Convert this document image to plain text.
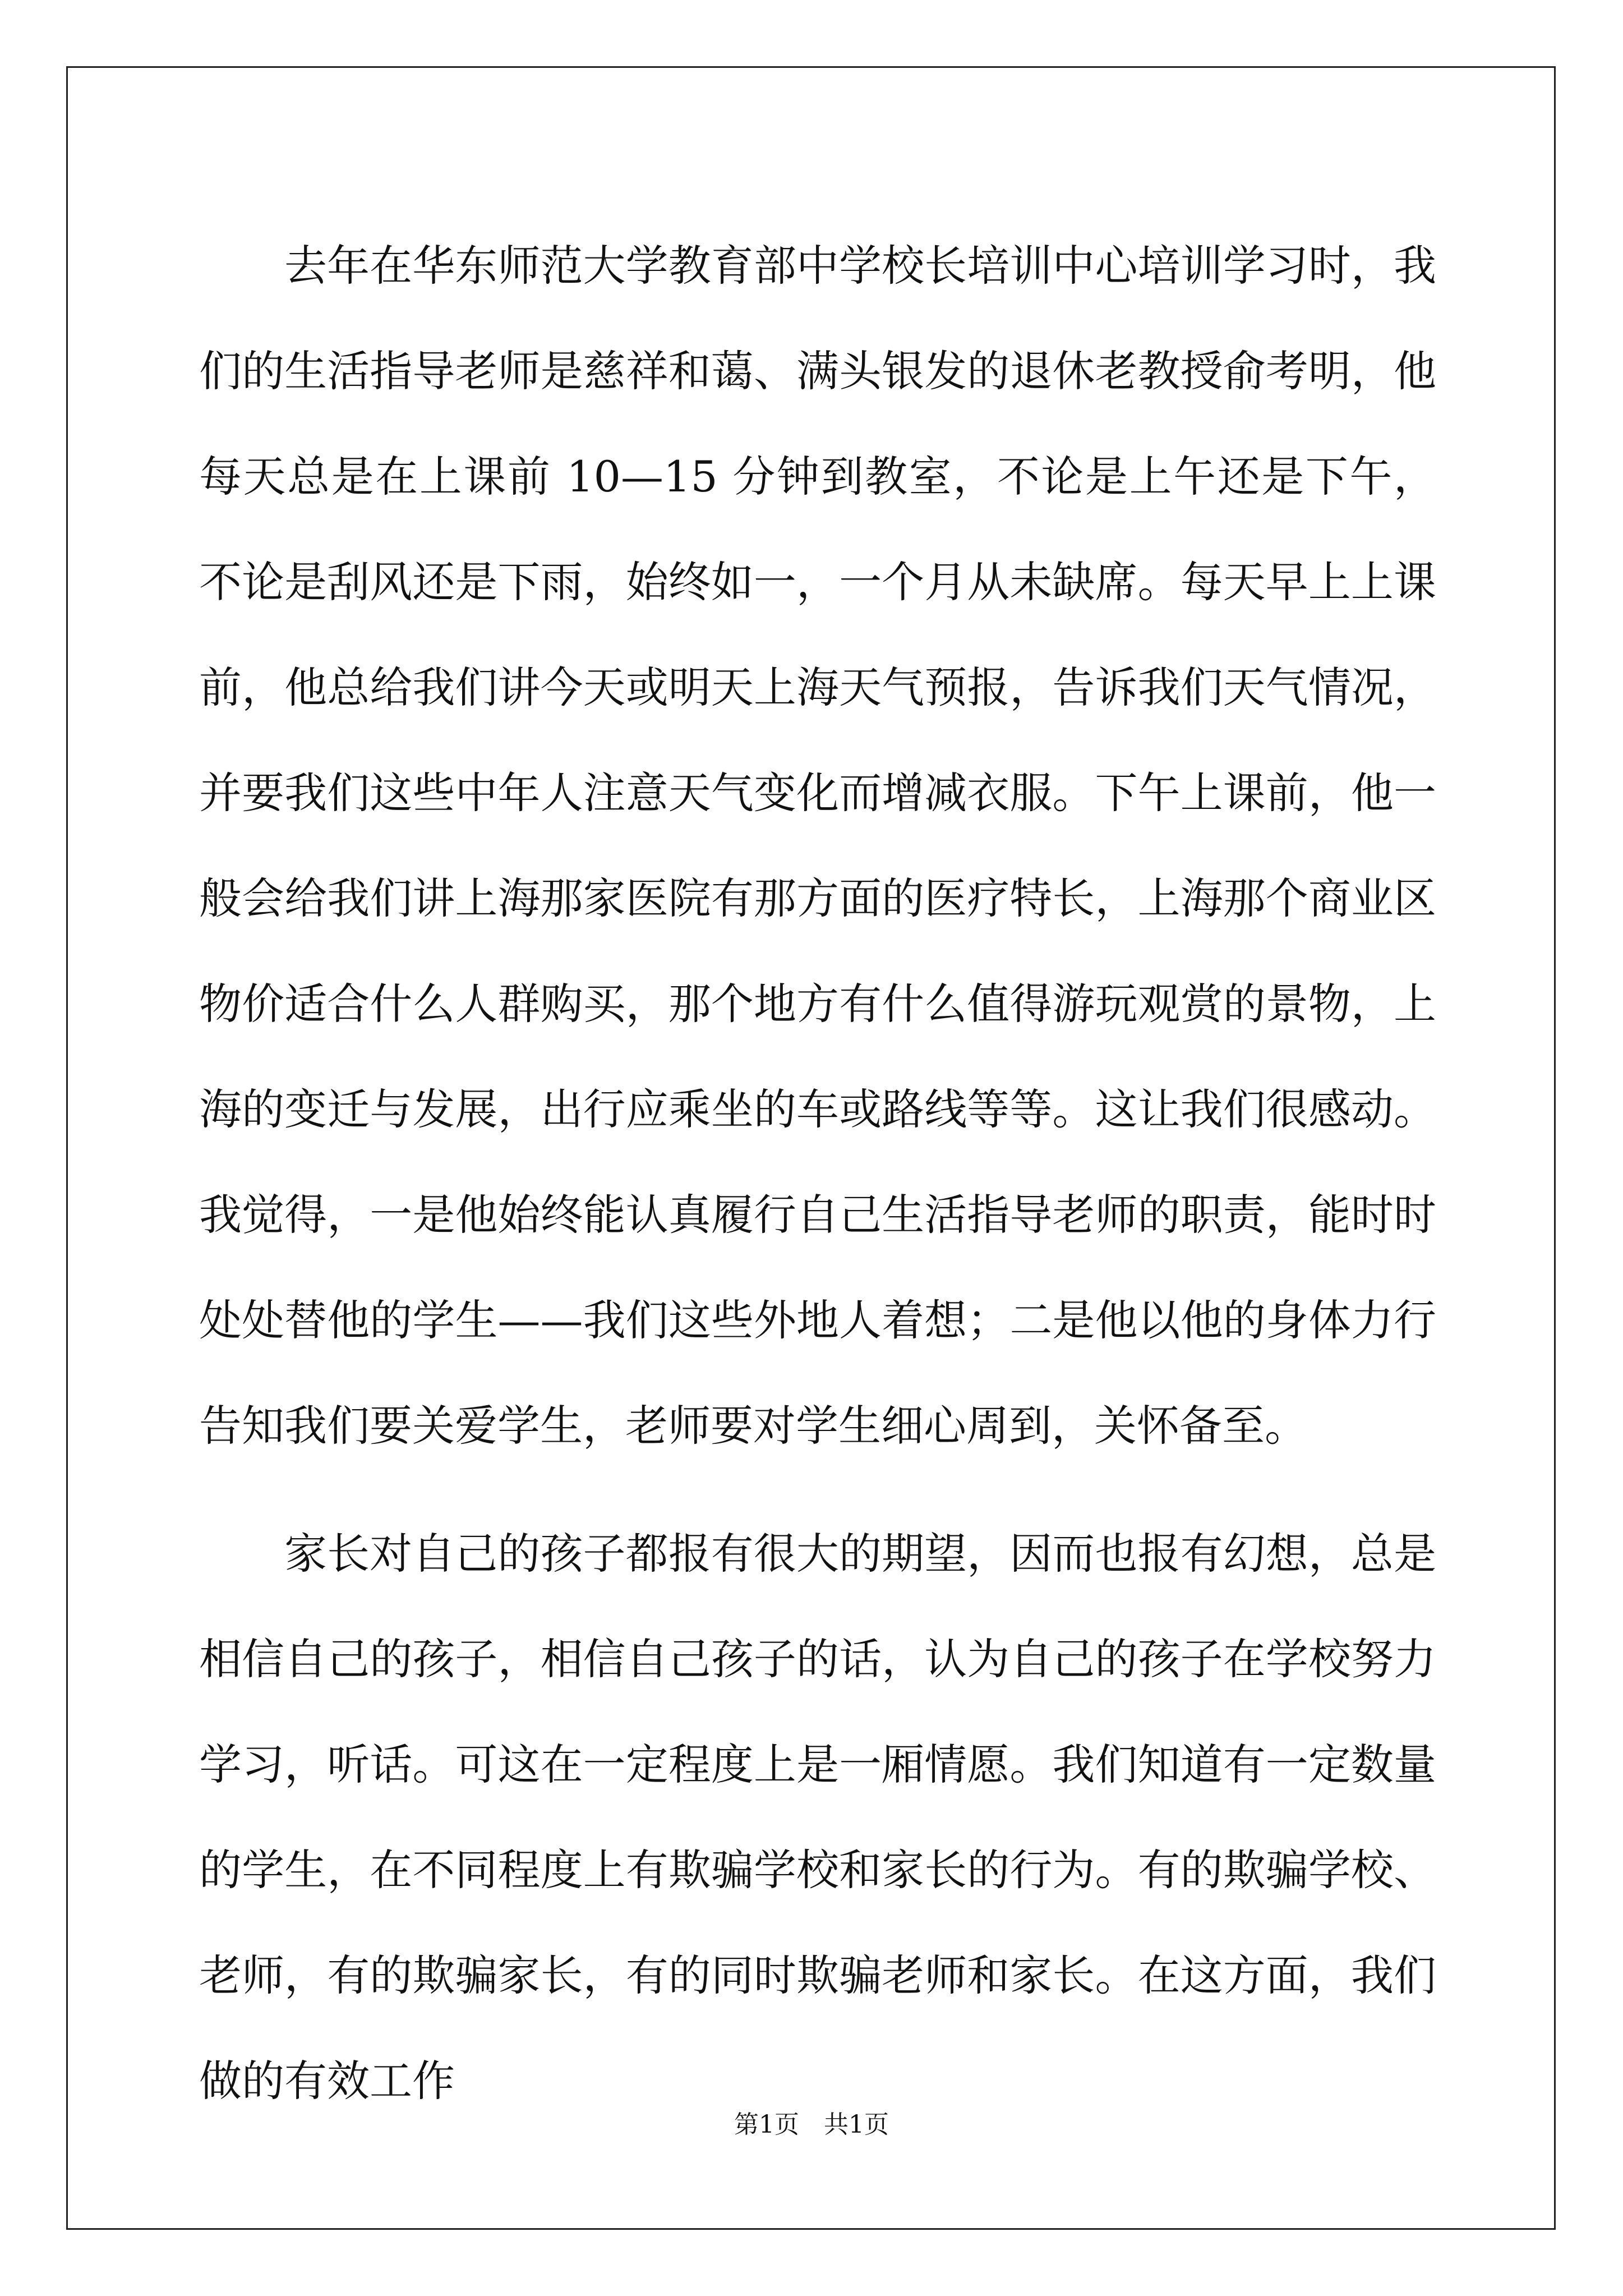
去年在华东师范大学教育部中学校长培训中心培训学习时，我们的生活指导老师是慈祥和蔼、满头银发的退休老教授俞考明，他每天总是在上课前 10—15 分钟到教室，不论是上午还是下午，不论是刮风还是下雨，始终如一，一个月从未缺席。每天早上上课前，他总给我们讲今天或明天上海天气预报，告诉我们天气情况，并要我们这些中年人注意天气变化而增减衣服。下午上课前，他一般会给我们讲上海那家医院有那方面的医疗特长，上海那个商业区物价适合什么人群购买，那个地方有什么值得游玩观赏的景物，上海的变迁与发展，出行应乘坐的车或路线等等。这让我们很感动。我觉得，一是他始终能认真履行自己生活指导老师的职责，能时时处处替他的学生——我们这些外地人着想；二是他以他的身体力行告知我们要关爱学生，老师要对学生细心周到，关怀备至。

家长对自己的孩子都报有很大的期望，因而也报有幻想，总是相信自己的孩子，相信自己孩子的话，认为自己的孩子在学校努力学习，听话。可这在一定程度上是一厢情愿。我们知道有一定数量的学生，在不同程度上有欺骗学校和家长的行为。有的欺骗学校、老师，有的欺骗家长，有的同时欺骗老师和家长。在这方面，我们做的有效工作

第1页 共1页
